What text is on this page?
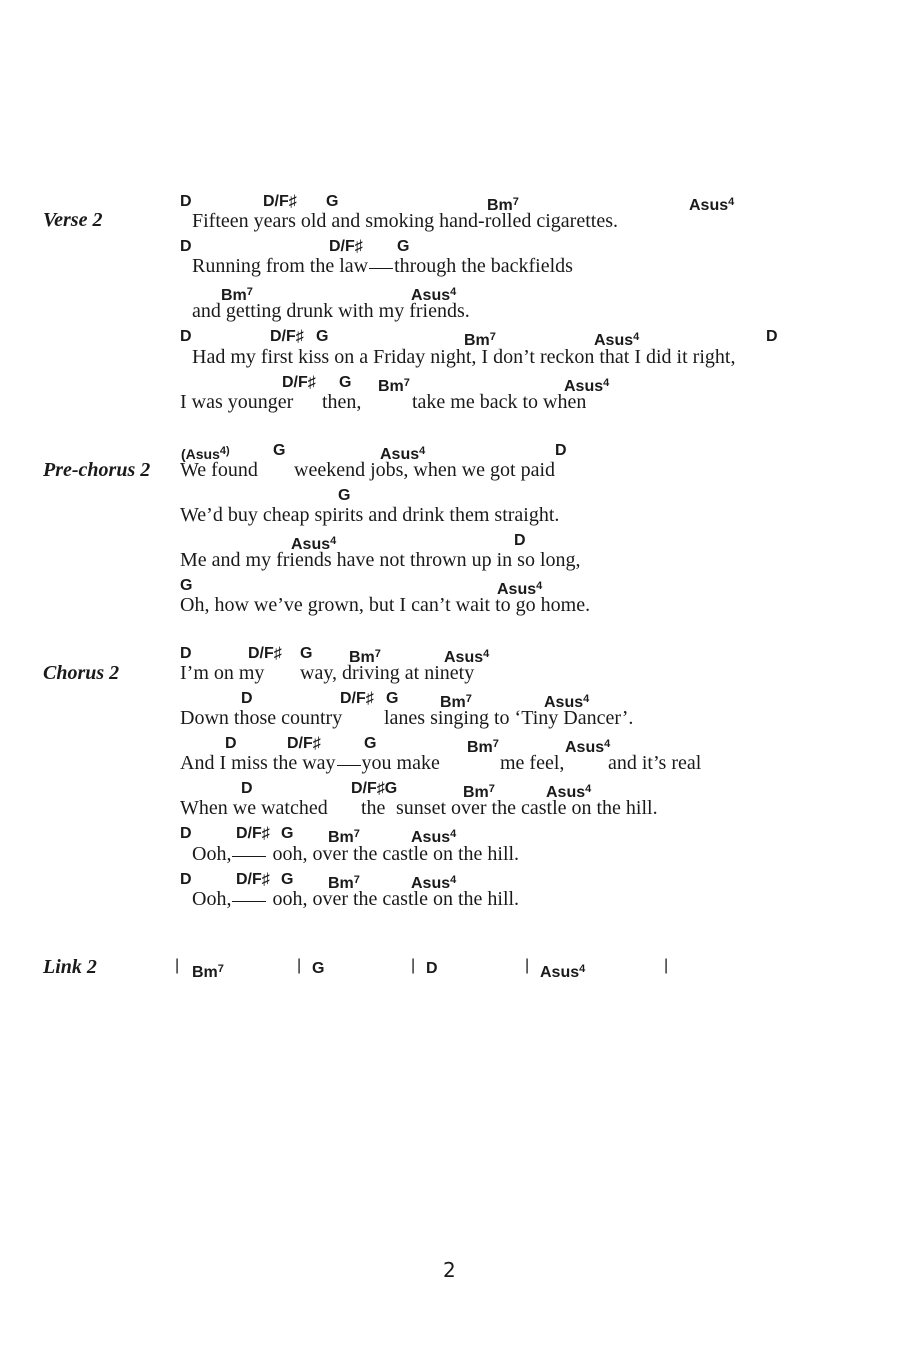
Verse 2
D	D/F♯ G	Bm$^7$	Asus$^4$
Fifteen years old and smoking hand-rolled cigarettes.
D	D/F♯ G
Running from the law through the backfields
Bm$^7$	Asus$^4$
and getting drunk with my friends.
D	D/F♯ G	Bm$^7$	Asus$^4$	D
Had my first kiss on a Friday night, I don’t reckon that I did it right,
D/F♯ G Bm$^7$	Asus$^4$
I was younger then,	take me back to when
Pre-chorus 2
(Asus$^{4)}$	G	Asus$^4$	D
We found weekend jobs, when we got paid
G
We’d buy cheap spirits and drink them straight.
Asus$^4$	D
Me and my friends have not thrown up in so long,
G	Asus$^4$
Oh, how we’ve grown, but I can’t wait to go home.
Chorus 2
D	D/F♯ G Bm$^7$	Asus$^4$
I’m on my way, driving at ninety
D	D/F♯ G	Bm$^7$	Asus$^4$
Down those country lanes singing to ‘Tiny Dancer’.
D	D/F♯	G	Bm$^7$	Asus$^4$
And I miss the way you make	me feel, and it’s real
D	D/F♯G	Bm$^7$	Asus$^4$
When we watched the sunset over the castle on the hill.
D	D/F♯ G Bm$^7$	Asus$^4$
Ooh, ooh, over the castle on the hill.
D	D/F♯ G Bm$^7$	Asus$^4$
Ooh, ooh, over the castle on the hill.
Link 2	| Bm$^7$	| G	| D	| Asus$^4$	|
2
